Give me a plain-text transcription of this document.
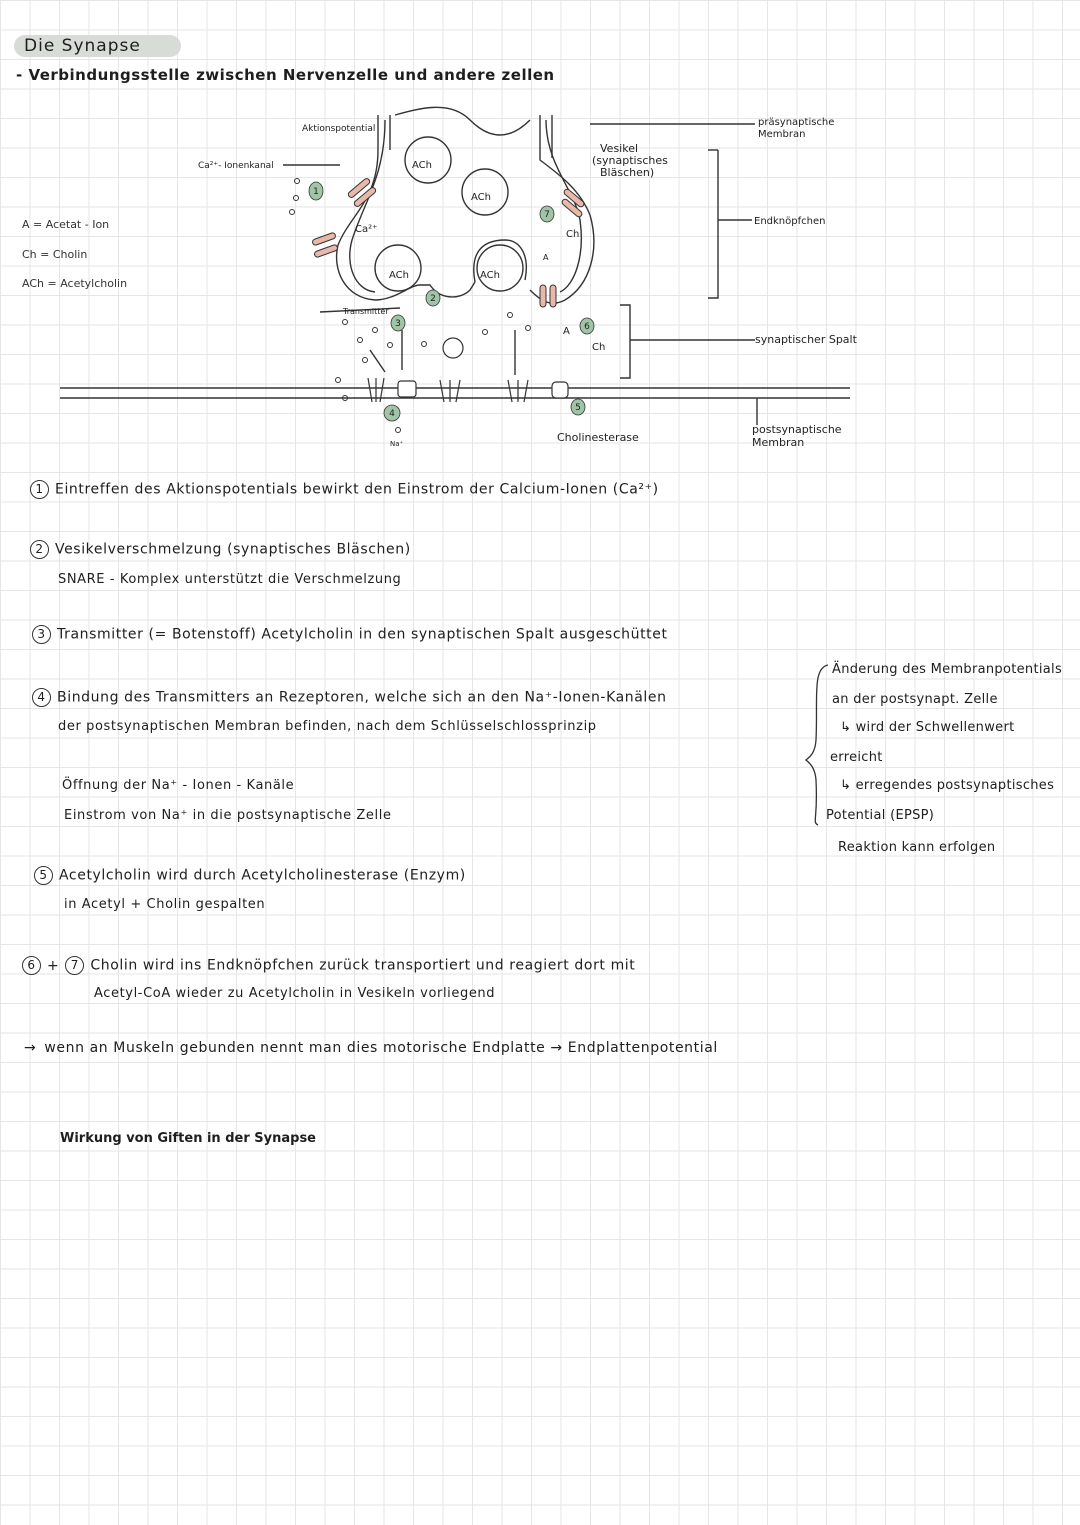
Die Synapse
- Verbindungsstelle zwischen Nervenzelle und andere zellen
A = Acetat - Ion
Ch = Cholin
ACh = Acetylcholin
1
2
3
4
5
6
7
Aktionspotential
Ca²⁺- Ionenkanal
Ca²⁺
Transmitter
ACh
ACh
ACh	ACh
Ch
A
A
Ch
Na⁺
Vesikel
(synaptisches
Bläschen)
präsynaptische
Membran
Endknöpfchen
synaptischer Spalt
postsynaptische
Membran
Cholinesterase
1 Eintreffen des Aktionspotentials bewirkt den Einstrom der Calcium-Ionen (Ca²⁺)
2 Vesikelverschmelzung (synaptisches Bläschen)
SNARE - Komplex unterstützt die Verschmelzung
3 Transmitter (= Botenstoff) Acetylcholin in den synaptischen Spalt ausgeschüttet
4 Bindung des Transmitters an Rezeptoren, welche sich an den Na⁺-Ionen-Kanälen
der postsynaptischen Membran befinden, nach dem Schlüsselschlossprinzip
Öffnung der Na⁺ - Ionen - Kanäle
Einstrom von Na⁺ in die postsynaptische Zelle
5 Acetylcholin wird durch Acetylcholinesterase (Enzym)
in Acetyl + Cholin gespalten
6 + 7 Cholin wird ins Endknöpfchen zurück transportiert und reagiert dort mit
Acetyl-CoA wieder zu Acetylcholin in Vesikeln vorliegend
→ wenn an Muskeln gebunden nennt man dies motorische Endplatte → Endplattenpotential
Änderung des Membranpotentials
an der postsynapt. Zelle
↳ wird der Schwellenwert
erreicht
↳ erregendes postsynaptisches
Potential (EPSP)
Reaktion kann erfolgen
Wirkung von Giften in der Synapse
